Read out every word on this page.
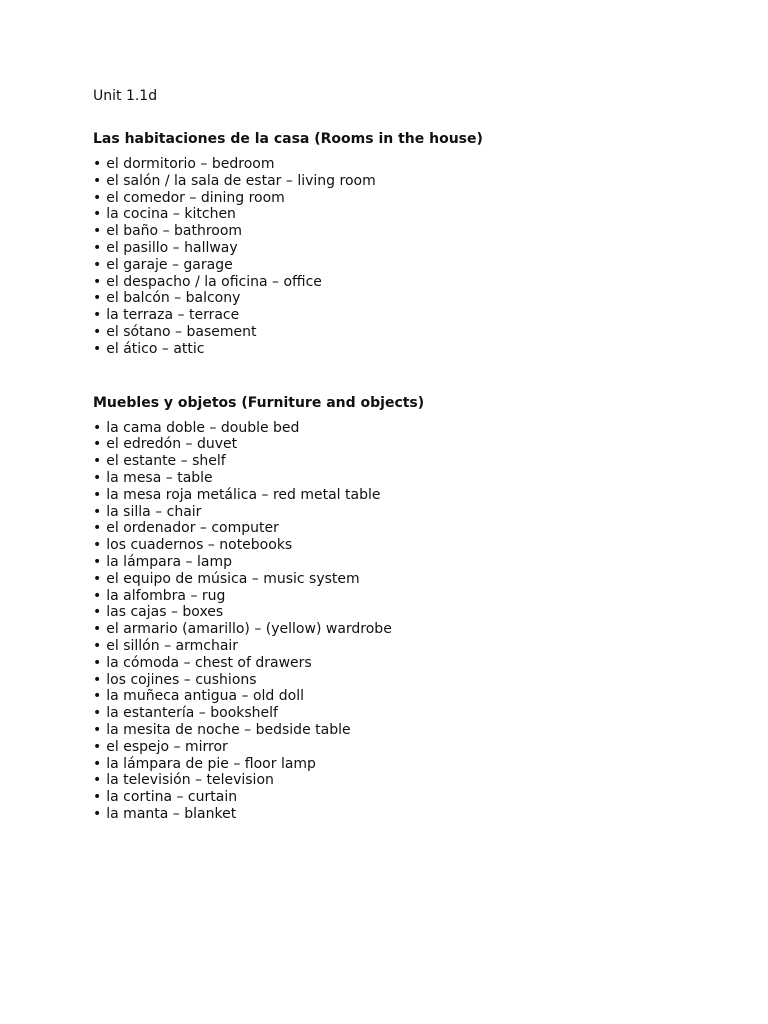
Unit 1.1d

Las habitaciones de la casa (Rooms in the house)
• el dormitorio – bedroom
• el salón / la sala de estar – living room
• el comedor – dining room
• la cocina – kitchen
• el baño – bathroom
• el pasillo – hallway
• el garaje – garage
• el despacho / la oficina – office
• el balcón – balcony
• la terraza – terrace
• el sótano – basement
• el ático – attic
Muebles y objetos (Furniture and objects)
• la cama doble – double bed
• el edredón – duvet
• el estante – shelf
• la mesa – table
• la mesa roja metálica – red metal table
• la silla – chair
• el ordenador – computer
• los cuadernos – notebooks
• la lámpara – lamp
• el equipo de música – music system
• la alfombra – rug
• las cajas – boxes
• el armario (amarillo) – (yellow) wardrobe
• el sillón – armchair
• la cómoda – chest of drawers
• los cojines – cushions
• la muñeca antigua – old doll
• la estantería – bookshelf
• la mesita de noche – bedside table
• el espejo – mirror
• la lámpara de pie – floor lamp
• la televisión – television
• la cortina – curtain
• la manta – blanket
